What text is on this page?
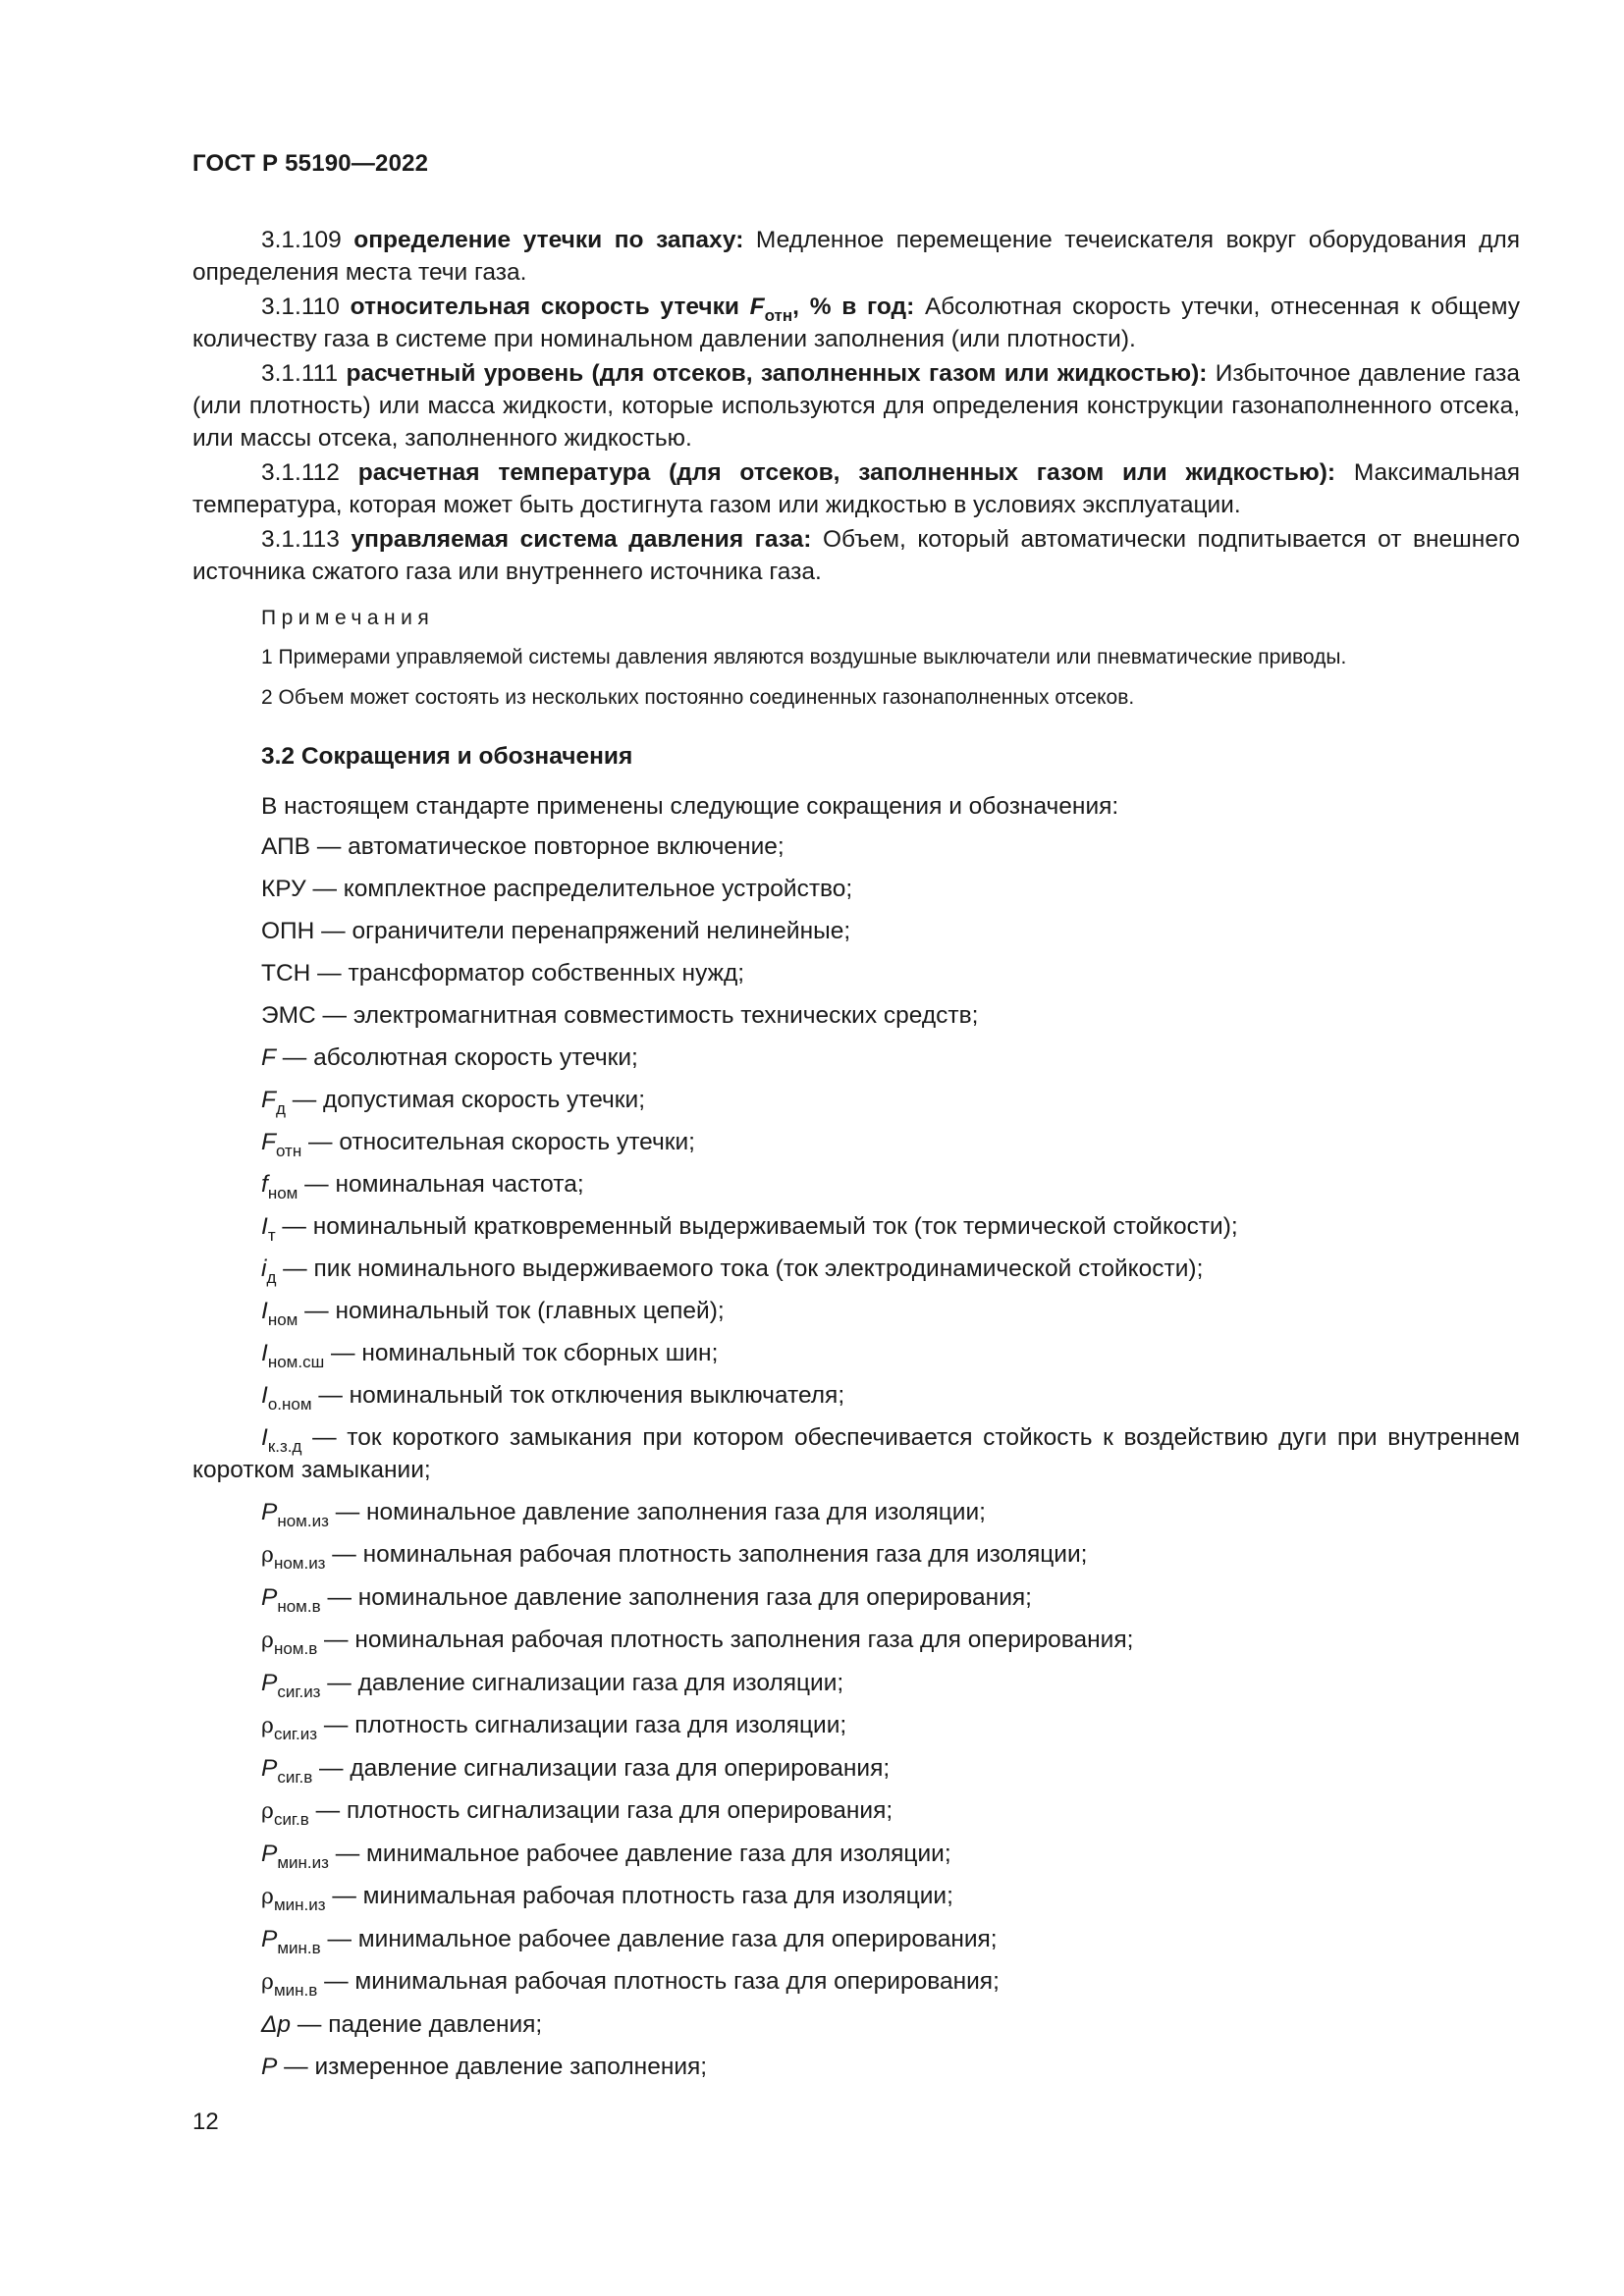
ГОСТ Р 55190—2022

3.1.109 определение утечки по запаху: Медленное перемещение течеискателя вокруг оборудования для определения места течи газа.

3.1.110 относительная скорость утечки $F_{отн}$, % в год: Абсолютная скорость утечки, отнесенная к общему количеству газа в системе при номинальном давлении заполнения (или плотности).

3.1.111 расчетный уровень (для отсеков, заполненных газом или жидкостью): Избыточное давление газа (или плотность) или масса жидкости, которые используются для определения конструкции газонаполненного отсека, или массы отсека, заполненного жидкостью.

3.1.112 расчетная температура (для отсеков, заполненных газом или жидкостью): Максимальная температура, которая может быть достигнута газом или жидкостью в условиях эксплуатации.

3.1.113 управляемая система давления газа: Объем, который автоматически подпитывается от внешнего источника сжатого газа или внутреннего источника газа.

Примечания

1 Примерами управляемой системы давления являются воздушные выключатели или пневматические приводы.

2 Объем может состоять из нескольких постоянно соединенных газонаполненных отсеков.

3.2 Сокращения и обозначения
В настоящем стандарте применены следующие сокращения и обозначения:
АПВ — автоматическое повторное включение;
КРУ — комплектное распределительное устройство;
ОПН — ограничители перенапряжений нелинейные;
ТСН — трансформатор собственных нужд;
ЭМС — электромагнитная совместимость технических средств;
F — абсолютная скорость утечки;
$F_д$ — допустимая скорость утечки;
$F_{отн}$ — относительная скорость утечки;
$f_{ном}$ — номинальная частота;
$I_т$ — номинальный кратковременный выдерживаемый ток (ток термической стойкости);
$i_д$ — пик номинального выдерживаемого тока (ток электродинамической стойкости);
$I_{ном}$ — номинальный ток (главных цепей);
$I_{ном.сш}$ — номинальный ток сборных шин;
$I_{о.ном}$ — номинальный ток отключения выключателя;
$I_{к.з.д}$ — ток короткого замыкания при котором обеспечивается стойкость к воздействию дуги при внутреннем коротком замыкании;
$P_{ном.из}$ — номинальное давление заполнения газа для изоляции;
$\rho_{ном.из}$ — номинальная рабочая плотность заполнения газа для изоляции;
$P_{ном.в}$ — номинальное давление заполнения газа для оперирования;
$\rho_{ном.в}$ — номинальная рабочая плотность заполнения газа для оперирования;
$P_{сиг.из}$ — давление сигнализации газа для изоляции;
$\rho_{сиг.из}$ — плотность сигнализации газа для изоляции;
$P_{сиг.в}$ — давление сигнализации газа для оперирования;
$\rho_{сиг.в}$ — плотность сигнализации газа для оперирования;
$P_{мин.из}$ — минимальное рабочее давление газа для изоляции;
$\rho_{мин.из}$ — минимальная рабочая плотность газа для изоляции;
$P_{мин.в}$ — минимальное рабочее давление газа для оперирования;
$\rho_{мин.в}$ — минимальная рабочая плотность газа для оперирования;
Δp — падение давления;
P — измеренное давление заполнения;
12
